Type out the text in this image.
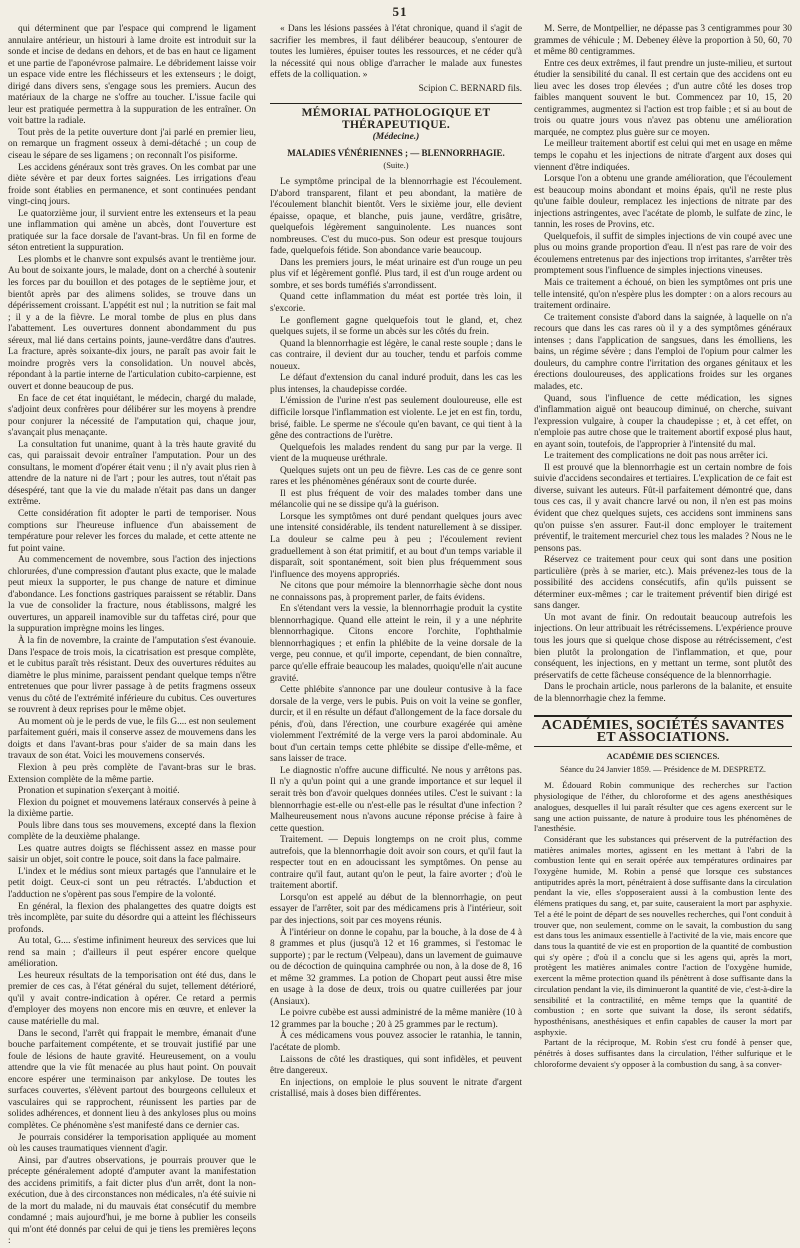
51

qui déterminent que par l'espace qui comprend le ligament annulaire antérieur, un histouri à lame droite est introduit sur la sonde et incise de dedans en dehors, et de bas en haut ce ligament et une partie de l'aponévrose palmaire. Le débridement laisse voir un espace vide entre les fléchisseurs et les extenseurs ; le doigt, dirigé dans divers sens, s'engage sous les premiers. Aucun des matériaux de la charge ne s'offre au toucher. L'issue facile qui leur est pratiquée permettra à la suppuration de les entraîner. On voit battre la radiale.

Tout près de la petite ouverture dont j'ai parlé en premier lieu, on remarque un fragment osseux à demi-détaché ; un coup de ciseau le sépare de ses ligamens ; on reconnaît l'os pisiforme.

Les accidens généraux sont très graves. On les combat par une diète sévère et par deux fortes saignées. Les irrigations d'eau froide sont établies en permanence, et sont continuées pendant vingt-cinq jours.

Le quatorzième jour, il survient entre les extenseurs et la peau une inflammation qui amène un abcès, dont l'ouverture est pratiquée sur la face dorsale de l'avant-bras. Un fil en forme de séton entretient la suppuration.

Les plombs et le chanvre sont expulsés avant le trentième jour. Au bout de soixante jours, le malade, dont on a cherché à soutenir les forces par du bouillon et des potages de le septième jour, et bientôt après par des alimens solides, se trouve dans un dépérissement croissant. L'appétit est nul ; la nutrition se fait mal ; il y a de la fièvre. Le moral tombe de plus en plus dans l'abattement. Les ouvertures donnent abondamment du pus séreux, mal lié dans certains points, jaune-verdâtre dans d'autres. La fracture, après soixante-dix jours, ne paraît pas avoir fait le moindre progrès vers la consolidation. Un nouvel abcès, répondant à la partie interne de l'articulation cubito-carpienne, est ouvert et donne beaucoup de pus.

En face de cet état inquiétant, le médecin, chargé du malade, s'adjoint deux confrères pour délibérer sur les moyens à prendre pour conjurer la nécessité de l'amputation qui, chaque jour, s'avançait plus menaçante.

La consultation fut unanime, quant à la très haute gravité du cas, qui paraissait devoir entraîner l'amputation. Pour un des consultans, le moment d'opérer était venu ; il n'y avait plus rien à attendre de la nature ni de l'art ; pour les autres, tout n'était pas désespéré, tant que la vie du malade n'était pas dans un danger extrême.

Cette considération fit adopter le parti de temporiser. Nous comptions sur l'heureuse influence d'un abaissement de température pour relever les forces du malade, et cette attente ne fut point vaine.

Au commencement de novembre, sous l'action des injections chlorurées, d'une compression d'autant plus exacte, que le malade peut mieux la supporter, le pus change de nature et diminue d'abondance. Les fonctions gastriques paraissent se rétablir. Dans la vue de consolider la fracture, nous établissons, malgré les ouvertures, un appareil inamovible sur du taffetas ciré, pour que la suppuration imprègne moins les linges.

À la fin de novembre, la crainte de l'amputation s'est évanouie. Dans l'espace de trois mois, la cicatrisation est presque complète, et le cubitus paraît très résistant. Deux des ouvertures réduites au diamètre le plus minime, paraissent pendant quelque temps n'être entretenues que pour livrer passage à de petits fragmens osseux venus du côté de l'extrémité inférieure du cubitus. Ces ouvertures se rouvrent à deux reprises pour le même objet.

Au moment où je le perds de vue, le fils G.... est non seulement parfaitement guéri, mais il conserve assez de mouvemens dans les doigts et dans l'avant-bras pour s'aider de sa main dans les travaux de son état. Voici les mouvemens conservés.

Flexion à peu près complète de l'avant-bras sur le bras. Extension complète de la même partie.

Pronation et supination s'exerçant à moitié.

Flexion du poignet et mouvemens latéraux conservés à peine à la dixième partie.

Pouls libre dans tous ses mouvemens, excepté dans la flexion complète de la deuxième phalange.

Les quatre autres doigts se fléchissent assez en masse pour saisir un objet, soit contre le pouce, soit dans la face palmaire.

L'index et le médius sont mieux partagés que l'annulaire et le petit doigt. Ceux-ci sont un peu rétractés. L'abduction et l'adduction ne s'opèrent pas sous l'empire de la volonté.

En général, la flexion des phalangettes des quatre doigts est très incomplète, par suite du désordre qui a atteint les fléchisseurs profonds.

Au total, G.... s'estime infiniment heureux des services que lui rend sa main ; d'ailleurs il peut espérer encore quelque amélioration.

Les heureux résultats de la temporisation ont été dus, dans le premier de ces cas, à l'état général du sujet, tellement détérioré, qu'il y avait contre-indication à opérer. Ce retard a permis d'employer des moyens non encore mis en œuvre, et enlever la cause matérielle du mal.

Dans le second, l'arrêt qui frappait le membre, émanait d'une bouche parfaitement compétente, et se trouvait justifié par une foule de lésions de haute gravité. Heureusement, on a voulu attendre que la vie fût menacée au plus haut point. On pouvait encore espérer une terminaison par ankylose. De toutes les surfaces couvertes, s'élèvent partout des bourgeons celluleux et vasculaires qui se rapprochent, réunissent les parties par de solides adhérences, et donnent lieu à des ankyloses plus ou moins complètes. Ce phénomène s'est manifesté dans ce dernier cas.

Je pourrais considérer la temporisation appliquée au moment où les causes traumatiques viennent d'agir.

Ainsi, par d'autres observations, je pourrais prouver que le précepte généralement adopté d'amputer avant la manifestation des accidens primitifs, a fait dicter plus d'un arrêt, dont la non-exécution, due à des circonstances non médicales, n'a été suivie ni de la mort du malade, ni du mauvais état consécutif du membre condamné ; mais aujourd'hui, je me borne à publier les conseils qui m'ont été donnés par celui de qui je tiens les premières leçons :

« Dans les lésions passées à l'état chronique, quand il s'agit de sacrifier les membres, il faut délibérer beaucoup, s'entourer de toutes les lumières, épuiser toutes les ressources, et ne céder qu'à la nécessité qui nous oblige d'arracher le malade aux funestes effets de la colliquation. »

Scipion C. BERNARD fils.

MÉMORIAL PATHOLOGIQUE ET THÉRAPEUTIQUE.
(Médecine.)
MALADIES VÉNÉRIENNES ; — BLENNORRHAGIE.
(Suite.)

Le symptôme principal de la blennorrhagie est l'écoulement. D'abord transparent, filant et peu abondant, la matière de l'écoulement blanchit bientôt. Vers le sixième jour, elle devient épaisse, opaque, et blanche, puis jaune, verdâtre, grisâtre, quelquefois légèrement sanguinolente. Les nuances sont nombreuses. C'est du muco-pus. Son odeur est presque toujours fade, quelquefois fétide. Son abondance varie beaucoup.

Dans les premiers jours, le méat urinaire est d'un rouge un peu plus vif et légèrement gonflé. Plus tard, il est d'un rouge ardent ou sombre, et ses bords tuméfiés s'arrondissent.

Quand cette inflammation du méat est portée très loin, il s'excorie.

Le gonflement gagne quelquefois tout le gland, et, chez quelques sujets, il se forme un abcès sur les côtés du frein.

Quand la blennorrhagie est légère, le canal reste souple ; dans le cas contraire, il devient dur au toucher, tendu et parfois comme noueux.

Le défaut d'extension du canal induré produit, dans les cas les plus intenses, la chaudepisse cordée.

L'émission de l'urine n'est pas seulement douloureuse, elle est difficile lorsque l'inflammation est violente. Le jet en est fin, tordu, brisé, faible. Le sperme ne s'écoule qu'en bavant, ce qui tient à la gêne des contractions de l'urètre.

Quelquefois les malades rendent du sang pur par la verge. Il vient de la muqueuse uréthrale.

Quelques sujets ont un peu de fièvre. Les cas de ce genre sont rares et les phénomènes généraux sont de courte durée.

Il est plus fréquent de voir des malades tomber dans une mélancolie qui ne se dissipe qu'à la guérison.

Lorsque les symptômes ont duré pendant quelques jours avec une intensité considérable, ils tendent naturellement à se dissiper. La douleur se calme peu à peu ; l'écoulement revient graduellement à son état primitif, et au bout d'un temps variable il disparaît, soit spontanément, soit bien plus fréquemment sous l'influence des moyens appropriés.

Ne citons que pour mémoire la blennorrhagie sèche dont nous ne connaissons pas, à proprement parler, de faits évidens.

En s'étendant vers la vessie, la blennorrhagie produit la cystite blennorrhagique. Quand elle atteint le rein, il y a une néphrite blennorrhagique. Citons encore l'orchite, l'ophthalmie blennorrhagiques ; et enfin la phlébite de la veine dorsale de la verge, peu connue, et qu'il importe, cependant, de bien connaître, parce qu'elle effraie beaucoup les malades, quoiqu'elle n'ait aucune gravité.

Cette phlébite s'annonce par une douleur contusive à la face dorsale de la verge, vers le pubis. Puis on voit la veine se gonfler, durcir, et il en résulte un défaut d'allongement de la face dorsale du pénis, d'où, dans l'érection, une courbure exagérée qui amène violemment l'extrémité de la verge vers la paroi abdominale. Au bout d'un certain temps cette phlébite se dissipe d'elle-même, et sans laisser de trace.

Le diagnostic n'offre aucune difficulté. Ne nous y arrêtons pas. Il n'y a qu'un point qui a une grande importance et sur lequel il serait très bon d'avoir quelques données utiles. C'est le suivant : la blennorrhagie est-elle ou n'est-elle pas le résultat d'une infection ? Malheureusement nous n'avons aucune réponse précise à faire à cette question.

Traitement. — Depuis longtemps on ne croit plus, comme autrefois, que la blennorrhagie doit avoir son cours, et qu'il faut la respecter tout en en adoucissant les symptômes. On pense au contraire qu'il faut, autant qu'on le peut, la faire avorter ; d'où le traitement abortif.

Lorsqu'on est appelé au début de la blennorrhagie, on peut essayer de l'arrêter, soit par des médicamens pris à l'intérieur, soit par des injections, soit par ces moyens réunis.

À l'intérieur on donne le copahu, par la bouche, à la dose de 4 à 8 grammes et plus (jusqu'à 12 et 16 grammes, si l'estomac le supporte) ; par le rectum (Velpeau), dans un lavement de guimauve ou de décoction de quinquina camphrée ou non, à la dose de 8, 16 et même 32 grammes. La potion de Chopart peut aussi être mise en usage à la dose de deux, trois ou quatre cuillerées par jour (Ansiaux).

Le poivre cubèbe est aussi administré de la même manière (10 à 12 grammes par la bouche ; 20 à 25 grammes par le rectum).

À ces médicamens vous pouvez associer le ratanhia, le tannin, l'acétate de plomb.

Laissons de côté les drastiques, qui sont infidèles, et peuvent être dangereux.

En injections, on emploie le plus souvent le nitrate d'argent cristallisé, mais à doses bien différentes.

M. Serre, de Montpellier, ne dépasse pas 3 centigrammes pour 30 grammes de véhicule ; M. Debeney élève la proportion à 50, 60, 70 et même 80 centigrammes.

Entre ces deux extrêmes, il faut prendre un juste-milieu, et surtout étudier la sensibilité du canal. Il est certain que des accidens ont eu lieu avec les doses trop élevées ; d'un autre côté les doses trop faibles manquent souvent le but. Commencez par 10, 15, 20 centigrammes, augmentez si l'action est trop faible ; et si au bout de trois ou quatre jours vous n'avez pas obtenu une amélioration marquée, ne comptez plus guère sur ce moyen.

Le meilleur traitement abortif est celui qui met en usage en même temps le copahu et les injections de nitrate d'argent aux doses qui viennent d'être indiquées.

Lorsque l'on a obtenu une grande amélioration, que l'écoulement est beaucoup moins abondant et moins épais, qu'il ne reste plus qu'une faible douleur, remplacez les injections de nitrate par des injections astringentes, avec l'acétate de plomb, le sulfate de zinc, le tannin, les roses de Provins, etc.

Quelquefois, il suffit de simples injections de vin coupé avec une plus ou moins grande proportion d'eau. Il n'est pas rare de voir des écoulemens entretenus par des injections trop irritantes, s'arrêter très promptement sous l'influence de simples injections vineuses.

Mais ce traitement a échoué, on bien les symptômes ont pris une telle intensité, qu'on n'espère plus les dompter : on a alors recours au traitement ordinaire.

Ce traitement consiste d'abord dans la saignée, à laquelle on n'a recours que dans les cas rares où il y a des symptômes généraux intenses ; dans l'application de sangsues, dans les émolliens, les bains, un régime sévère ; dans l'emploi de l'opium pour calmer les douleurs, du camphre contre l'irritation des organes génitaux et les érections douloureuses, des applications froides sur les organes malades, etc.

Quand, sous l'influence de cette médication, les signes d'inflammation aiguë ont beaucoup diminué, on cherche, suivant l'expression vulgaire, à couper la chaudepisse ; et, à cet effet, on n'emploie pas autre chose que le traitement abortif exposé plus haut, en ayant soin, toutefois, de l'approprier à l'intensité du mal.

Le traitement des complications ne doit pas nous arrêter ici.

Il est prouvé que la blennorrhagie est un certain nombre de fois suivie d'accidens secondaires et tertiaires. L'explication de ce fait est diverse, suivant les auteurs. Fût-il parfaitement démontré que, dans tous ces cas, il y avait chancre larvé ou non, il n'en est pas moins évident que chez quelques sujets, ces accidens sont imminens sans qu'on puisse s'en assurer. Faut-il donc employer le traitement préventif, le traitement mercuriel chez tous les malades ? Nous ne le pensons pas.

Réservez ce traitement pour ceux qui sont dans une position particulière (près à se marier, etc.). Mais prévenez-les tous de la possibilité des accidens consécutifs, afin qu'ils puissent se déterminer eux-mêmes ; car le traitement préventif bien dirigé est sans danger.

Un mot avant de finir. On redoutait beaucoup autrefois les injections. On leur attribuait les rétrécissemens. L'expérience prouve tous les jours que si quelque chose dispose au rétrécissement, c'est bien plutôt la prolongation de l'inflammation, et que, pour conséquent, les injections, en y mettant un terme, sont plutôt des préservatifs de cette fâcheuse conséquence de la blennorrhagie.

Dans le prochain article, nous parlerons de la balanite, et ensuite de la blennorrhagie chez la femme.

ACADÉMIES, SOCIÉTÉS SAVANTES ET ASSOCIATIONS.
ACADÉMIE DES SCIENCES.
Séance du 24 Janvier 1859. — Présidence de M. DESPRETZ.

M. Édouard Robin communique des recherches sur l'action physiologique de l'éther, du chloroforme et des agens anesthésiques analogues, desquelles il lui paraît résulter que ces agens exercent sur le sang une action puissante, de nature à produire tous les phénomènes de l'anesthésie.

Considérant que les substances qui préservent de la putréfaction des matières animales mortes, agissent en les mettant à l'abri de la combustion lente qui en serait opérée aux températures ordinaires par l'oxygène humide, M. Robin a pensé que lorsque ces substances antiputrides après la mort, pénétraient à dose suffisante dans la circulation pendant la vie, elles s'opposeraient aussi à la combustion lente des élémens pratiques du sang, et, par suite, causeraient la mort par asphyxie. Tel a été le point de départ de ses nouvelles recherches, qui l'ont conduit à trouver que, non seulement, comme on le savait, la combustion du sang est dans tous les animaux essentielle à l'activité de la vie, mais encore que dans tous la quantité de vie est en proportion de la quantité de combustion qui s'y opère ; d'où il a conclu que si les agens qui, après la mort, protègent les matières animales contre l'action de l'oxygène humide, exercent la même protection quand ils pénètrent à dose suffisante dans la circulation pendant la vie, ils diminueront la quantité de vie, c'est-à-dire la sensibilité et la contractilité, en même temps que la quantité de combustion ; en sorte que suivant la dose, ils seront sédatifs, hyposthénisans, anesthésiques et enfin capables de causer la mort par asphyxie.

Partant de la réciproque, M. Robin s'est cru fondé à penser que, pénétrés à doses suffisantes dans la circulation, l'éther sulfurique et le chloroforme devaient s'y opposer à la combustion du sang, à sa conver-
